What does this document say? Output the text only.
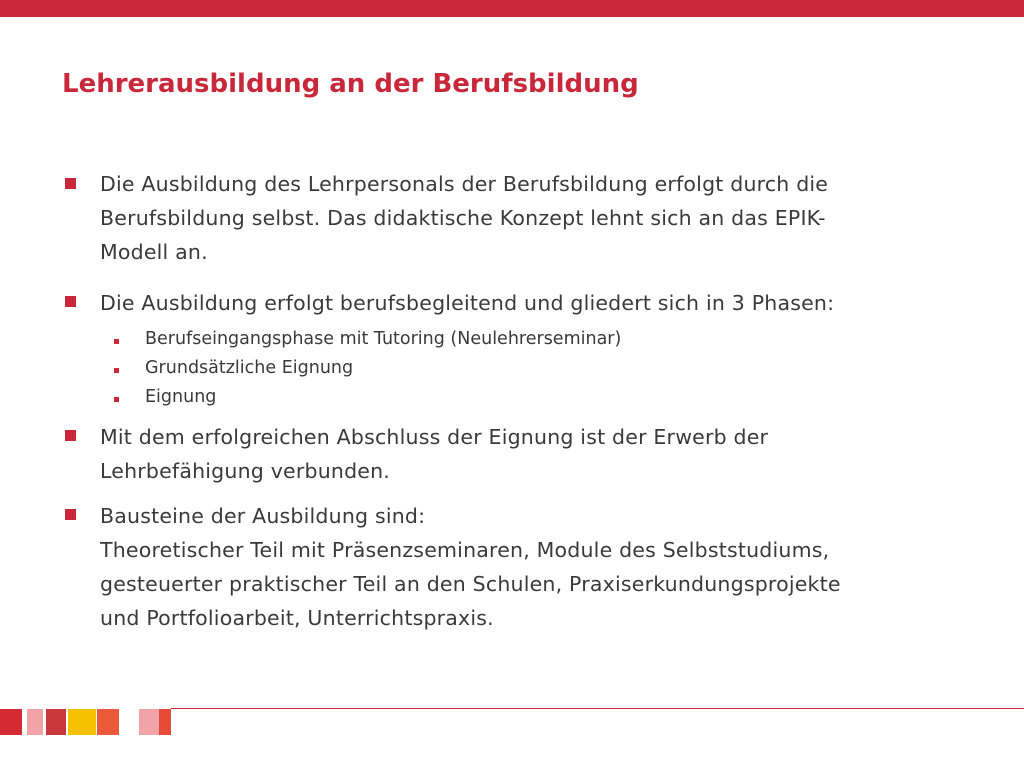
Lehrerausbildung an der Berufsbildung
Die Ausbildung des Lehrpersonals der Berufsbildung erfolgt durch die
Berufsbildung selbst. Das didaktische Konzept lehnt sich an das EPIK-
Modell an.
Die Ausbildung erfolgt berufsbegleitend und gliedert sich in 3 Phasen:
Berufseingangsphase mit Tutoring (Neulehrerseminar)
Grundsätzliche Eignung
Eignung
Mit dem erfolgreichen Abschluss der Eignung ist der Erwerb der
Lehrbefähigung verbunden.
Bausteine der Ausbildung sind:
Theoretischer Teil mit Präsenzseminaren, Module des Selbststudiums,
gesteuerter praktischer Teil an den Schulen, Praxiserkundungsprojekte
und Portfolioarbeit, Unterrichtspraxis.
